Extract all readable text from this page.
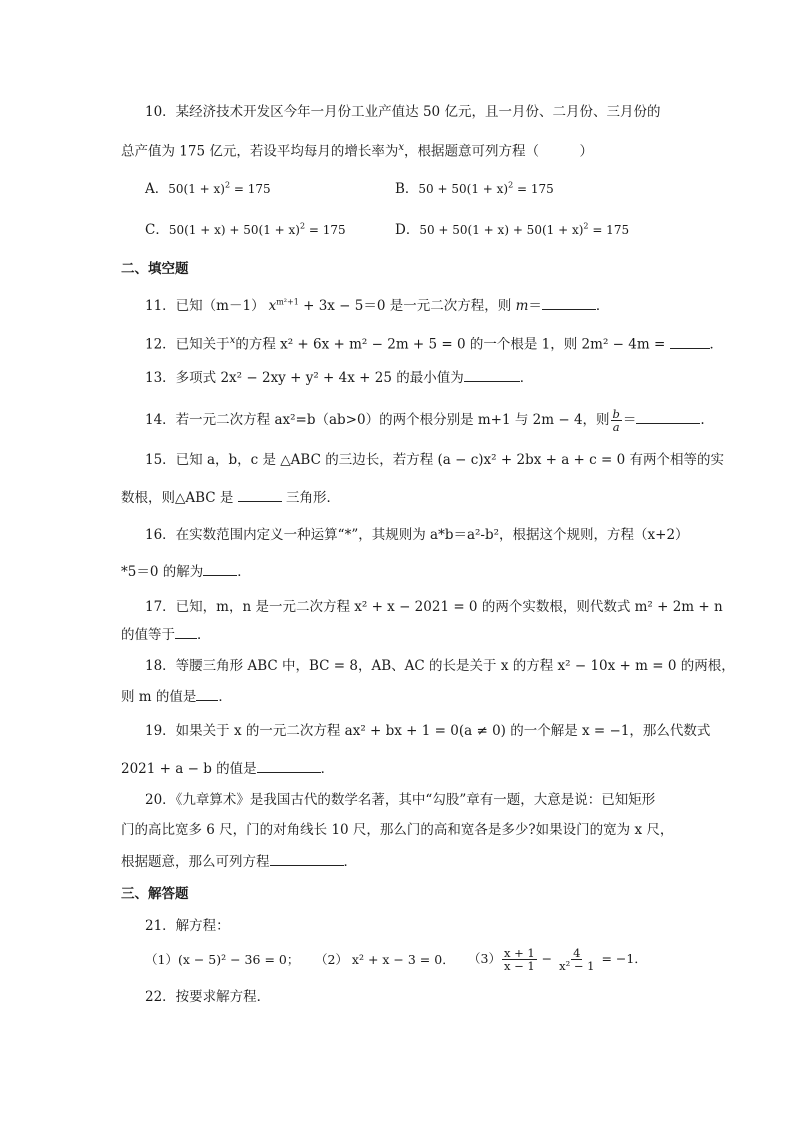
10．某经济技术开发区今年一月份工业产值达 50 亿元，且一月份、二月份、三月份的
总产值为 175 亿元，若设平均每月的增长率为$^x$，根据题意可列方程（　　　）
A．$50(1 + x)^2 = 175$	B．$50 + 50(1 + x)^2 = 175$
C．$50(1 + x) + 50(1 + x)^2 = 175$	D．$50 + 50(1 + x) + 50(1 + x)^2 = 175$
二、填空题
11．已知（m－1） $x^{m^2+1} + 3x - 5=0$ 是一元二次方程，则 m＝	．
12．已知关于$^x$的方程 x² + 6x + m² − 2m + 5 = 0 的一个根是 1，则 2m² − 4m =	．
13．多项式 2x² − 2xy + y² + 4x + 25 的最小值为	．
14．若一元二次方程 ax²=b（ab>0）的两个根分别是 m+1 与 2m − 4，则 $\frac{b}{a}$ ＝	.
15．已知 a，b，c 是 △ABC 的三边长，若方程 (a − c)x² + 2bx + a + c = 0 有两个相等的实
数根，则△ABC 是	三角形．
16．在实数范围内定义一种运算“*”，其规则为 a*b＝a²-b²，根据这个规则，方程（x+2）
*5＝0 的解为	．
17．已知，m，n 是一元二次方程 x² + x − 2021 = 0 的两个实数根，则代数式 m² + 2m + n
的值等于 ．
18．等腰三角形 ABC 中，BC = 8，AB、AC 的长是关于 x 的方程 x² − 10x + m = 0 的两根，
则 m 的值是 ．
19．如果关于 x 的一元二次方程 ax² + bx + 1 = 0(a ≠ 0) 的一个解是 x = −1，那么代数式
2021 + a − b 的值是	．
20．《九章算术》是我国古代的数学名著，其中“勾股”章有一题，大意是说：已知矩形
门的高比宽多 6 尺，门的对角线长 10 尺，那么门的高和宽各是多少?如果设门的宽为 x 尺，
根据题意，那么可列方程	．
三、解答题
21．解方程：
（1）(x − 5)² − 36 = 0； （2） x² + x − 3 = 0． $(3) \frac{x + 1}{x - 1} - \frac{4}{\text{x² − 1}} = -1$．
22．按要求解方程．
